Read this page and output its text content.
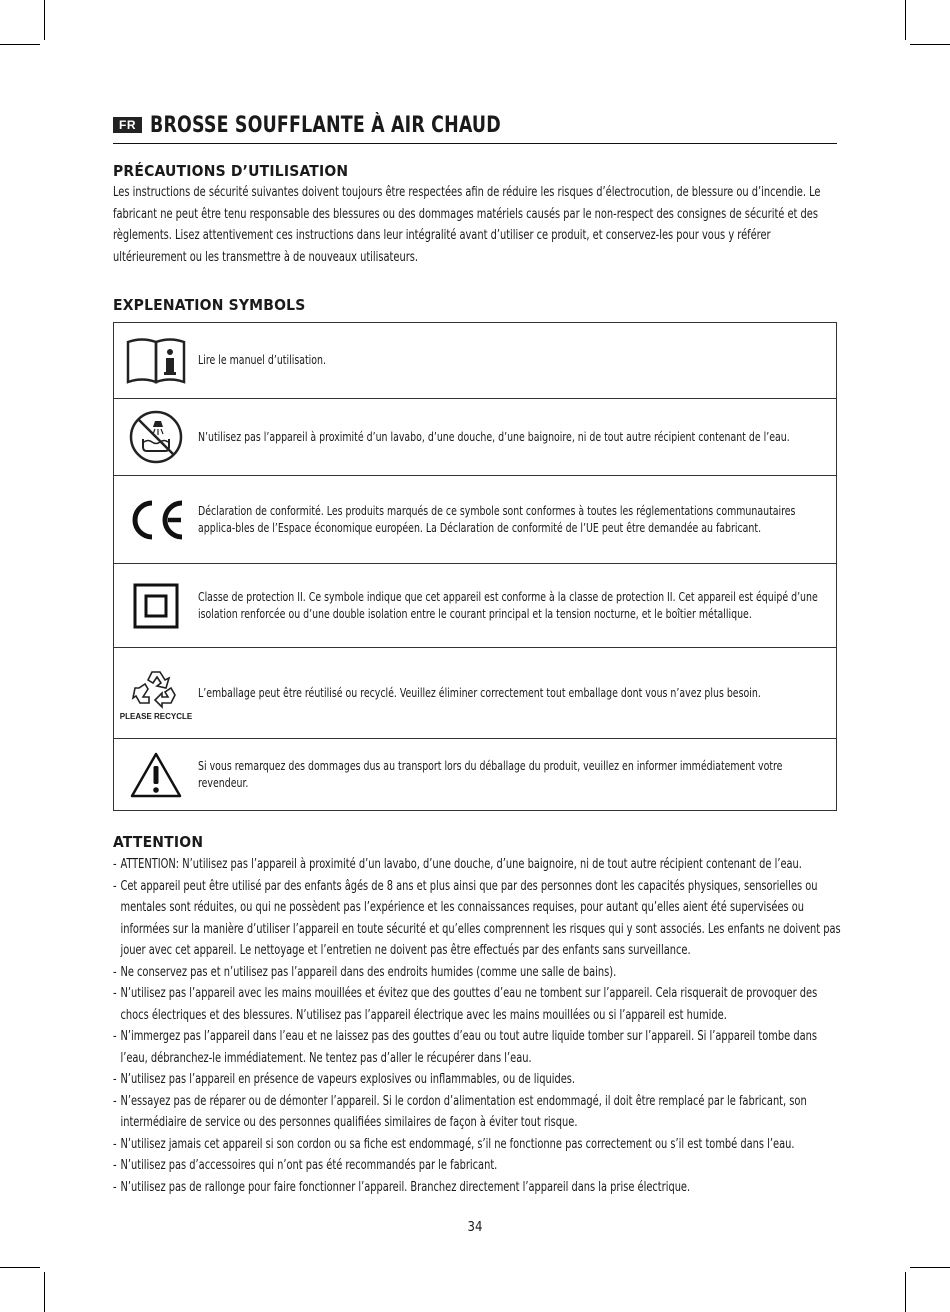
FR BROSSE SOUFFLANTE À AIR CHAUD
PRÉCAUTIONS D’UTILISATION

Les instructions de sécurité suivantes doivent toujours être respectées afin de réduire les risques d’électrocution, de blessure ou d’incendie. Le fabricant ne peut être tenu responsable des blessures ou des dommages matériels causés par le non-respect des consignes de sécurité et des règlements. Lisez attentivement ces instructions dans leur intégralité avant d’utiliser ce produit, et conservez-les pour vous y référer ultérieurement ou les transmettre à de nouveaux utilisateurs.

EXPLENATION SYMBOLS

Lire le manuel d’utilisation.

N’utilisez pas l’appareil à proximité d’un lavabo, d’une douche, d’une baignoire, ni de tout autre récipient contenant de l’eau.

Déclaration de conformité. Les produits marqués de ce symbole sont conformes à toutes les réglementations communautaires applica-bles de l’Espace économique européen. La Déclaration de conformité de l’UE peut être demandée au fabricant.

Classe de protection II. Ce symbole indique que cet appareil est conforme à la classe de protection II. Cet appareil est équipé d’une isolation renforcée ou d’une double isolation entre le courant principal et la tension nocturne, et le boîtier métallique.

PLEASE RECYCLE	L’emballage peut être réutilisé ou recyclé. Veuillez éliminer correctement tout emballage dont vous n’avez plus besoin.

Si vous remarquez des dommages dus au transport lors du déballage du produit, veuillez en informer immédiatement votre revendeur.
ATTENTION
- ATTENTION: N’utilisez pas l’appareil à proximité d’un lavabo, d’une douche, d’une baignoire, ni de tout autre récipient contenant de l’eau.
- Cet appareil peut être utilisé par des enfants âgés de 8 ans et plus ainsi que par des personnes dont les capacités physiques, sensorielles ou mentales sont réduites, ou qui ne possèdent pas l’expérience et les connaissances requises, pour autant qu’elles aient été supervisées ou informées sur la manière d’utiliser l’appareil en toute sécurité et qu’elles comprennent les risques qui y sont associés. Les enfants ne doivent pas jouer avec cet appareil. Le nettoyage et l’entretien ne doivent pas être effectués par des enfants sans surveillance.
- Ne conservez pas et n’utilisez pas l’appareil dans des endroits humides (comme une salle de bains).
- N’utilisez pas l’appareil avec les mains mouillées et évitez que des gouttes d’eau ne tombent sur l’appareil. Cela risquerait de provoquer des chocs électriques et des blessures. N’utilisez pas l’appareil électrique avec les mains mouillées ou si l’appareil est humide.
- N’immergez pas l’appareil dans l’eau et ne laissez pas des gouttes d’eau ou tout autre liquide tomber sur l’appareil. Si l’appareil tombe dans l’eau, débranchez-le immédiatement. Ne tentez pas d’aller le récupérer dans l’eau.
- N’utilisez pas l’appareil en présence de vapeurs explosives ou inflammables, ou de liquides.
- N’essayez pas de réparer ou de démonter l’appareil. Si le cordon d’alimentation est endommagé, il doit être remplacé par le fabricant, son intermédiaire de service ou des personnes qualifiées similaires de façon à éviter tout risque.
- N’utilisez jamais cet appareil si son cordon ou sa fiche est endommagé, s’il ne fonctionne pas correctement ou s’il est tombé dans l’eau.
- N’utilisez pas d’accessoires qui n’ont pas été recommandés par le fabricant.
- N’utilisez pas de rallonge pour faire fonctionner l’appareil. Branchez directement l’appareil dans la prise électrique.
34
